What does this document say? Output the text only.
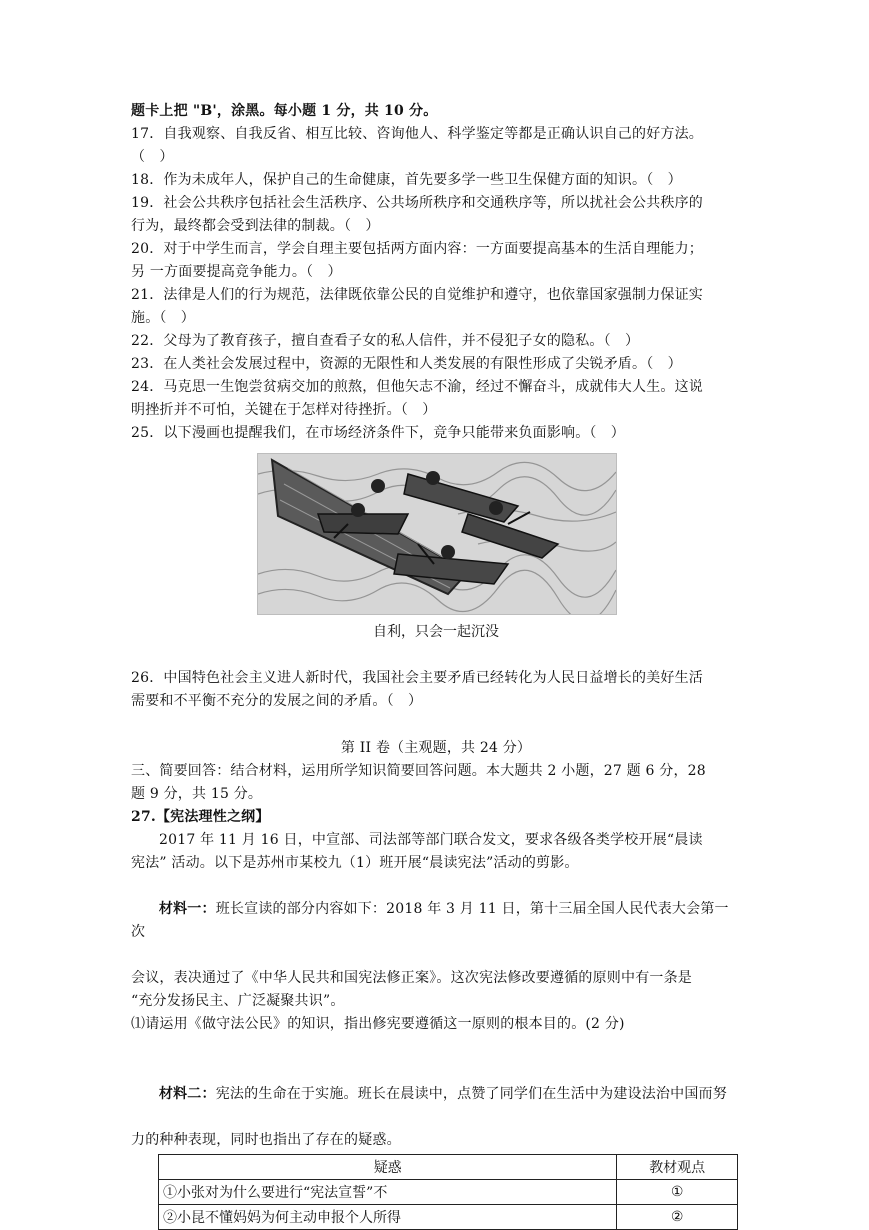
题卡上把 "B'，涂黑。每小题 1 分，共 10 分。
17．自我观察、自我反省、相互比较、咨询他人、科学鉴定等都是正确认识自己的好方法。
（　）
18．作为未成年人，保护自己的生命健康，首先要多学一些卫生保健方面的知识。（　）
19．社会公共秩序包括社会生活秩序、公共场所秩序和交通秩序等，所以扰社会公共秩序的
行为，最终都会受到法律的制裁。（　）
20．对于中学生而言，学会自理主要包括两方面内容：一方面要提高基本的生活自理能力；
另 一方面要提高竞争能力。（　）
21．法律是人们的行为规范，法律既依靠公民的自觉维护和遵守，也依靠国家强制力保证实
施。（　）
22．父母为了教育孩子，擅自查看子女的私人信件，并不侵犯子女的隐私。（　）
23．在人类社会发展过程中，资源的无限性和人类发展的有限性形成了尖锐矛盾。（　）
24．马克思一生饱尝贫病交加的煎熬，但他矢志不渝，经过不懈奋斗，成就伟大人生。这说
明挫折并不可怕，关键在于怎样对待挫折。（　）
25．以下漫画也提醒我们，在市场经济条件下，竞争只能带来负面影响。（　）
自利，只会一起沉没
26．中国特色社会主义进人新时代，我国社会主要矛盾已经转化为人民日益增长的美好生活
需要和不平衡不充分的发展之间的矛盾。（　）
第 II 卷（主观题，共 24 分）
三、简要回答：结合材料，运用所学知识简要回答问题。本大题共 2 小题，27 题 6 分，28
题 9 分，共 15 分。
27.【宪法理性之纲】
2017 年 11 月 16 日，中宣部、司法部等部门联合发文，要求各级各类学校开展“晨读
宪法” 活动。以下是苏州市某校九（1）班开展“晨读宪法”活动的剪影。

材料一：班长宣读的部分内容如下：2018 年 3 月 11 日，第十三届全国人民代表大会第一次

会议，表决通过了《中华人民共和国宪法修正案》。这次宪法修改要遵循的原则中有一条是
“充分发扬民主、广泛凝聚共识”。
⑴请运用《做守法公民》的知识，指出修宪要遵循这一原则的根本目的。(2 分)

材料二：宪法的生命在于实施。班长在晨读中，点赞了同学们在生活中为建设法治中国而努

力的种种表现，同时也指出了存在的疑惑。
疑惑	教材观点
①小张对为什么要进行“宪法宣誓”不	①
②小昆不懂妈妈为何主动申报个人所得	②
